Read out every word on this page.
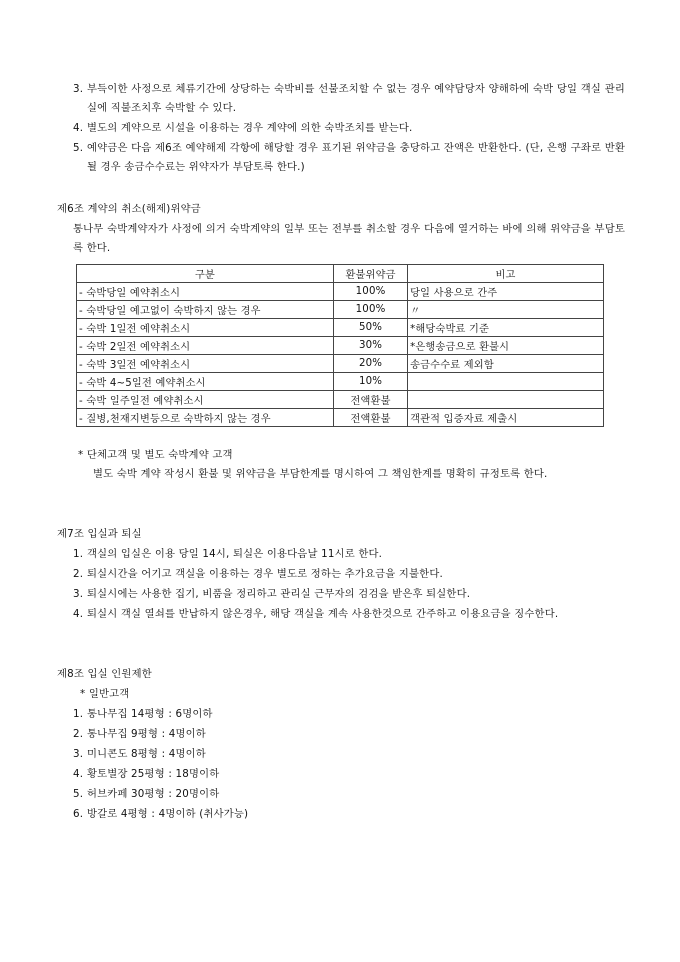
3. 부득이한 사정으로 체류기간에 상당하는 숙박비를 선불조치할 수 없는 경우 예약담당자 양해하에 숙박 당일 객실 관리실에 직불조치후 숙박할 수 있다.
4. 별도의 계약으로 시설을 이용하는 경우 계약에 의한 숙박조치를 받는다.
5. 예약금은 다음 제6조 예약해제 각항에 해당할 경우 표기된 위약금을 충당하고 잔액은 반환한다. (단, 은행 구좌로 반환될 경우 송금수수료는 위약자가 부담토록 한다.)
제6조 계약의 취소(해제)위약금
통나무 숙박계약자가 사정에 의거 숙박계약의 일부 또는 전부를 취소할 경우 다음에 열거하는 바에 의해 위약금을 부담토록 한다.
구분	환불위약금	비고
- 숙박당일 예약취소시	100%	당일 사용으로 간주
- 숙박당일 예고없이 숙박하지 않는 경우	100%	〃
- 숙박 1일전 예약취소시	50%	*해당숙박료 기준
- 숙박 2일전 예약취소시	30%	*은행송금으로 환불시
- 숙박 3일전 예약취소시	20%	송금수수료 제외함
- 숙박 4~5일전 예약취소시	10%	
- 숙박 일주일전 예약취소시	전액환불	
- 질병,천재지변등으로 숙박하지 않는 경우	전액환불	객관적 입증자료 제출시
* 단체고객 및 별도 숙박계약 고객
별도 숙박 계약 작성시 환불 및 위약금을 부담한계를 명시하여 그 책임한계를 명확히 규정토록 한다.
제7조 입실과 퇴실
1. 객실의 입실은 이용 당일 14시, 퇴실은 이용다음날 11시로 한다.
2. 퇴실시간을 어기고 객실을 이용하는 경우 별도로 정하는 추가요금을 지불한다.
3. 퇴실시에는 사용한 집기, 비품을 정리하고 관리실 근무자의 검검을 받은후 퇴실한다.
4. 퇴실시 객실 열쇠를 반납하지 않은경우, 해당 객실을 계속 사용한것으로 간주하고 이용요금을 징수한다.
제8조 입실 인원제한
* 일반고객
1. 통나무집 14평형 : 6명이하
2. 통나무집 9평형 : 4명이하
3. 미니콘도 8평형 : 4명이하
4. 황토별장 25평형 : 18명이하
5. 허브카페 30평형 : 20명이하
6. 방갈로 4평형 : 4명이하 (취사가능)
